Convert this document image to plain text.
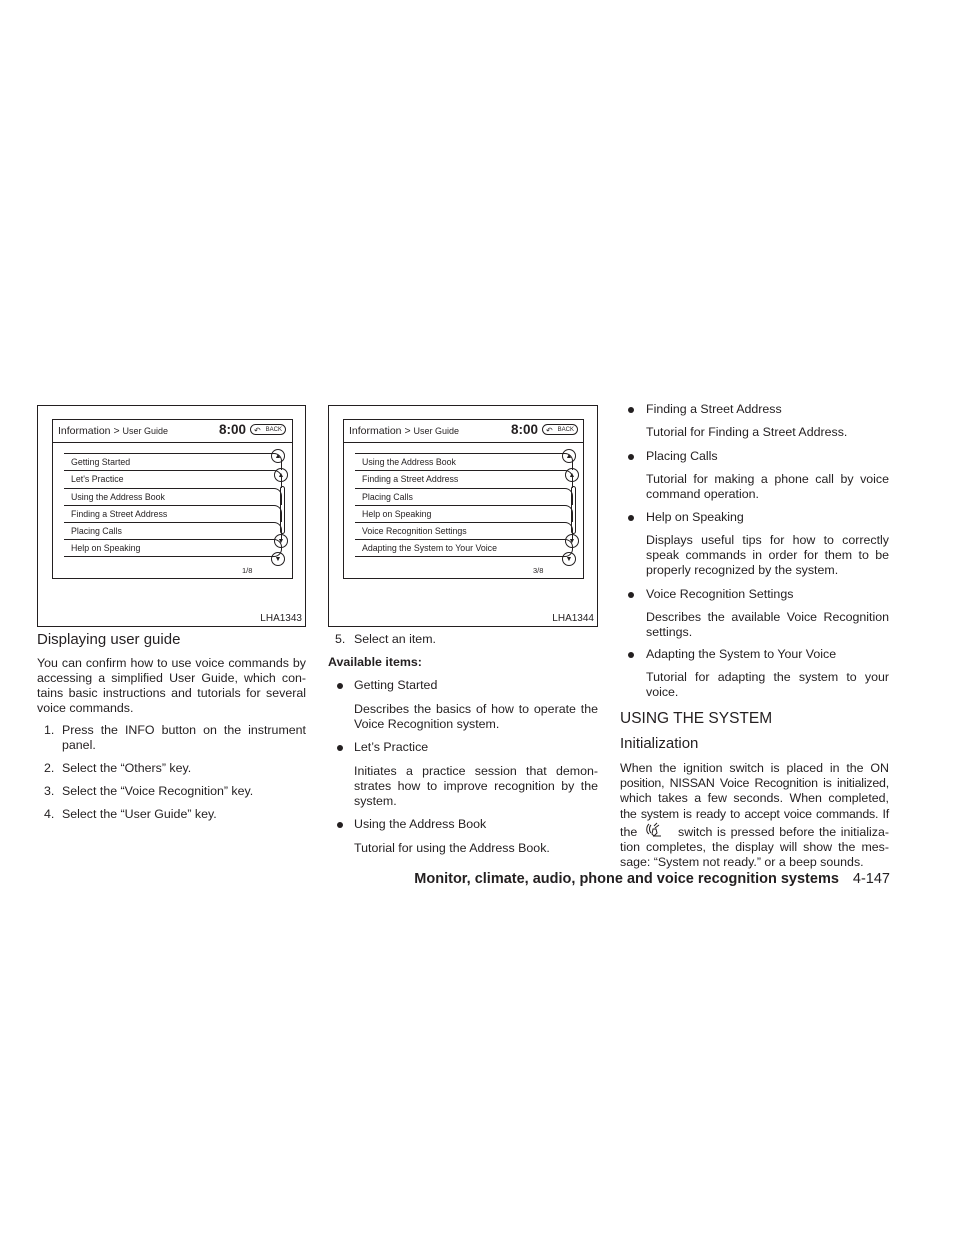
Information > User Guide	8:00 ↶ BACK
Getting Started
Let's Practice
Using the Address Book
Finding a Street Address
Placing Calls
Help on Speaking
▲
▲
▼
▼
1/8
LHA1343
Information > User Guide	8:00 ↶ BACK
Using the Address Book
Finding a Street Address
Placing Calls
Help on Speaking
Voice Recognition Settings
Adapting the System to Your Voice
▲
▲
▼
▼
3/8
LHA1344
Displaying user guide
You can confirm how to use voice commands by
accessing a simplified User Guide, which con-
tains basic instructions and tutorials for several
voice commands.
1. Press the INFO button on the instrument
panel.
2. Select the “Others” key.
3. Select the “Voice Recognition” key.
4. Select the “User Guide” key.
5. Select an item.
Available items:
Getting Started
Describes the basics of how to operate the
Voice Recognition system.
Let’s Practice
Initiates a practice session that demon-
strates how to improve recognition by the
system.
Using the Address Book
Tutorial for using the Address Book.
Finding a Street Address
Tutorial for Finding a Street Address.
Placing Calls
Tutorial for making a phone call by voice
command operation.
Help on Speaking
Displays useful tips for how to correctly
speak commands in order for them to be
properly recognized by the system.
Voice Recognition Settings
Describes the available Voice Recognition
settings.
Adapting the System to Your Voice
Tutorial for adapting the system to your
voice.
USING THE SYSTEM
Initialization
When the ignition switch is placed in the ON
position, NISSAN Voice Recognition is initialized,
which takes a few seconds. When completed,
the system is ready to accept voice commands. If
the	switch is pressed before the initializa-
tion completes, the display will show the mes-
sage: “System not ready.” or a beep sounds.
Monitor, climate, audio, phone and voice recognition systems 4-147
